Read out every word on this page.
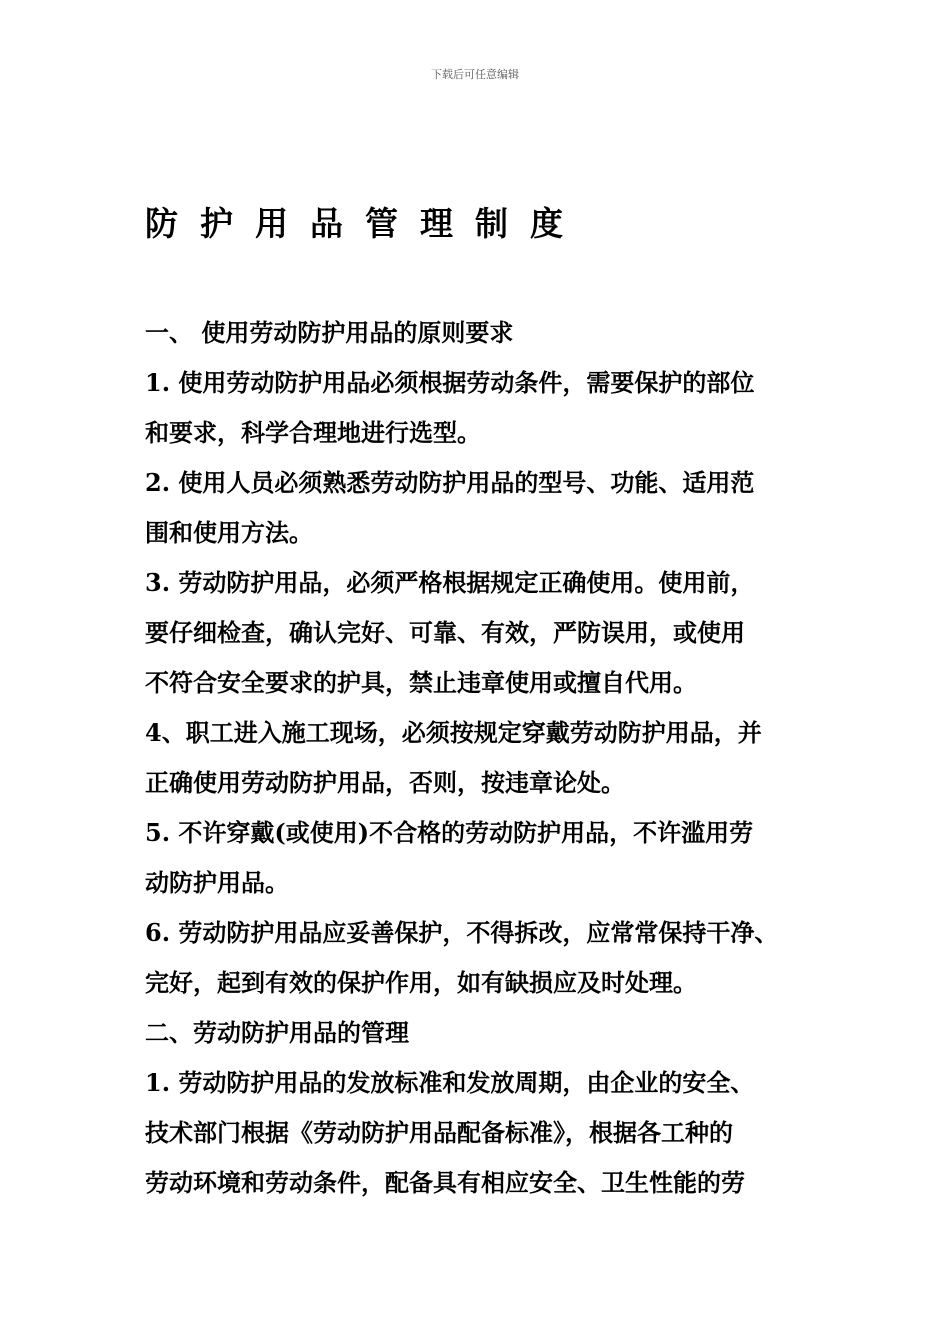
下载后可任意编辑
防护用品管理制度
一、 使用劳动防护用品的原则要求
1. 使用劳动防护用品必须根据劳动条件，需要保护的部位
和要求，科学合理地进行选型。
2. 使用人员必须熟悉劳动防护用品的型号、功能、适用范
围和使用方法。
3. 劳动防护用品，必须严格根据规定正确使用。使用前，
要仔细检查，确认完好、可靠、有效，严防误用，或使用
不符合安全要求的护具，禁止违章使用或擅自代用。
4、职工进入施工现场，必须按规定穿戴劳动防护用品，并
正确使用劳动防护用品，否则，按违章论处。
5. 不许穿戴(或使用)不合格的劳动防护用品，不许滥用劳
动防护用品。
6. 劳动防护用品应妥善保护，不得拆改，应常常保持干净、
完好，起到有效的保护作用，如有缺损应及时处理。
二、劳动防护用品的管理
1. 劳动防护用品的发放标准和发放周期，由企业的安全、
技术部门根据《劳动防护用品配备标准》，根据各工种的
劳动环境和劳动条件，配备具有相应安全、卫生性能的劳
